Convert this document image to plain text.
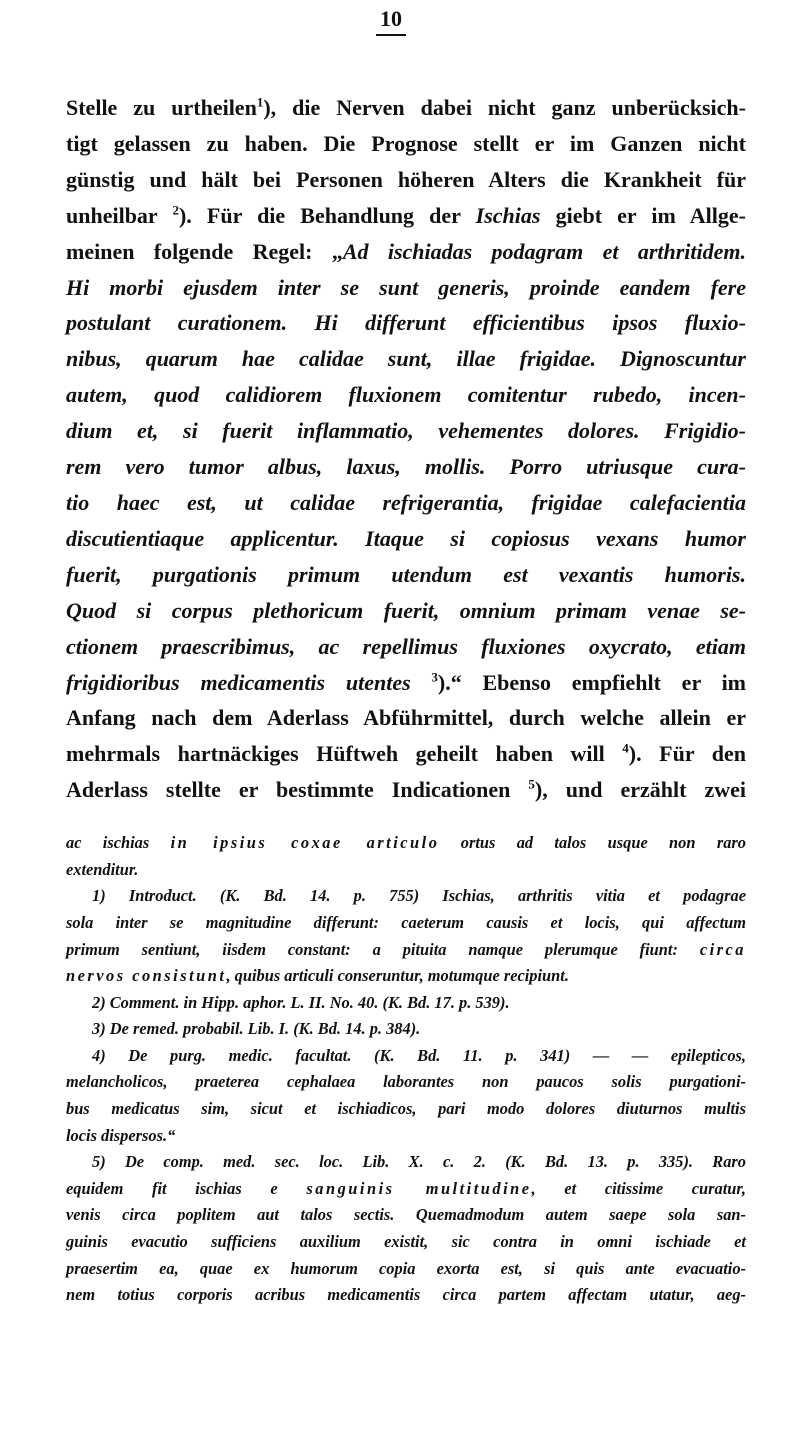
10
Stelle zu urtheilen$^1$), die Nerven dabei nicht ganz unberücksich-
tigt gelassen zu haben. Die Prognose stellt er im Ganzen nicht
günstig und hält bei Personen höheren Alters die Krankheit für
unheilbar $^2$). Für die Behandlung der Ischias giebt er im Allge-
meinen folgende Regel: „Ad ischiadas podagram et arthritidem.
Hi morbi ejusdem inter se sunt generis, proinde eandem fere
postulant curationem. Hi differunt efficientibus ipsos fluxio-
nibus, quarum hae calidae sunt, illae frigidae. Dignoscuntur
autem, quod calidiorem fluxionem comitentur rubedo, incen-
dium et, si fuerit inflammatio, vehementes dolores. Frigidio-
rem vero tumor albus, laxus, mollis. Porro utriusque cura-
tio haec est, ut calidae refrigerantia, frigidae calefacientia
discutientiaque applicentur. Itaque si copiosus vexans humor
fuerit, purgationis primum utendum est vexantis humoris.
Quod si corpus plethoricum fuerit, omnium primam venae se-
ctionem praescribimus, ac repellimus fluxiones oxycrato, etiam
frigidioribus medicamentis utentes $^3$).“ Ebenso empfiehlt er im
Anfang nach dem Aderlass Abführmittel, durch welche allein er
mehrmals hartnäckiges Hüftweh geheilt haben will $^4$). Für den
Aderlass stellte er bestimmte Indicationen $^5$), und erzählt zwei
ac ischias in ipsius coxae articulo ortus ad talos usque non raro
extenditur.
1) Introduct. (K. Bd. 14. p. 755) Ischias, arthritis vitia et podagrae
sola inter se magnitudine differunt: caeterum causis et locis, qui affectum
primum sentiunt, iisdem constant: a pituita namque plerumque fiunt: circa
nervos consistunt, quibus articuli conseruntur, motumque recipiunt.
2) Comment. in Hipp. aphor. L. II. No. 40. (K. Bd. 17. p. 539).
3) De remed. probabil. Lib. I. (K. Bd. 14. p. 384).
4) De purg. medic. facultat. (K. Bd. 11. p. 341) — — epilepticos,
melancholicos, praeterea cephalaea laborantes non paucos solis purgationi-
bus medicatus sim, sicut et ischiadicos, pari modo dolores diuturnos multis
locis dispersos.“
5) De comp. med. sec. loc. Lib. X. c. 2. (K. Bd. 13. p. 335). Raro
equidem fit ischias e sanguinis multitudine, et citissime curatur,
venis circa poplitem aut talos sectis. Quemadmodum autem saepe sola san-
guinis evacutio sufficiens auxilium existit, sic contra in omni ischiade et
praesertim ea, quae ex humorum copia exorta est, si quis ante evacuatio-
nem totius corporis acribus medicamentis circa partem affectam utatur, aeg-
